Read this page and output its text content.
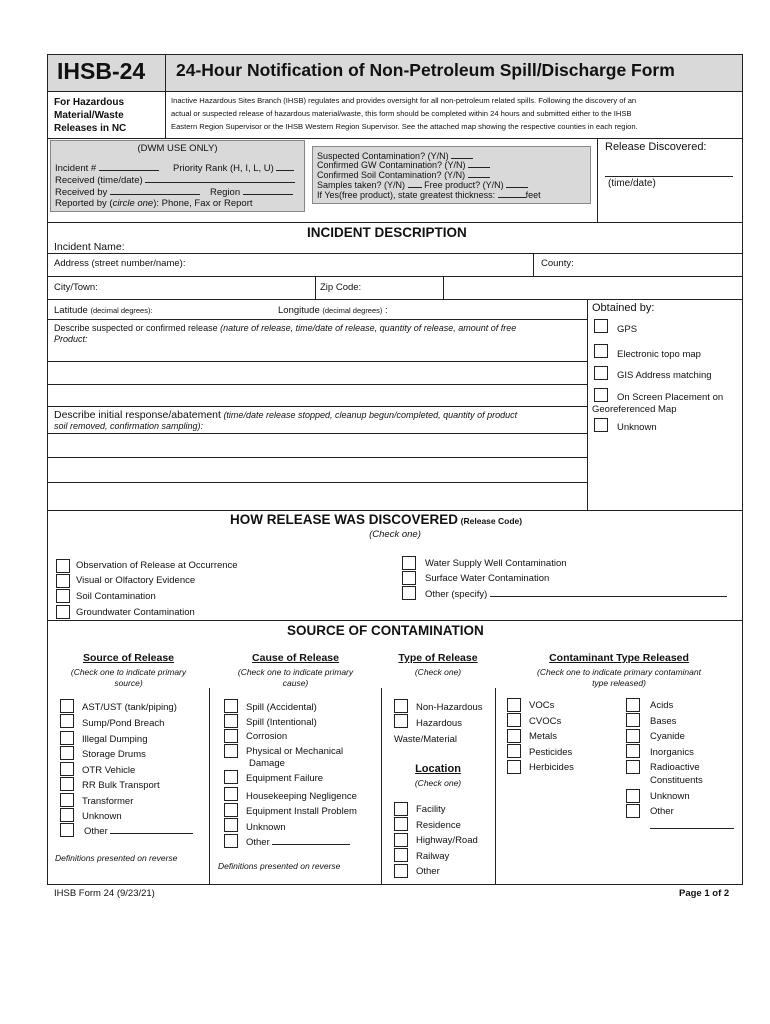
IHSB-24 24-Hour Notification of Non-Petroleum Spill/Discharge Form
For Hazardous
Material/Waste
Releases in NC
Inactive Hazardous Sites Branch (IHSB) regulates and provides oversight for all non-petroleum related spills. Following the discovery of an
actual or suspected release of hazardous material/waste, this form should be completed within 24 hours and submitted either to the IHSB
Eastern Region Supervisor or the IHSB Western Region Supervisor. See the attached map showing the respective counties in each region.
(DWM USE ONLY)
Incident #	Priority Rank (H, I, L, U)
Received (time/date)
Received by	Region
Reported by (circle one): Phone, Fax or Report
Suspected Contamination? (Y/N)
Confirmed GW Contamination? (Y/N)
Confirmed Soil Contamination? (Y/N)
Samples taken? (Y/N) Free product? (Y/N)
If Yes(free product), state greatest thickness:	feet
Release Discovered:
(time/date)
INCIDENT DESCRIPTION
Incident Name:
Address (street number/name):	County:
City/Town:	Zip Code:
Latitude (decimal degrees):	Longitude (decimal degrees) :
Describe suspected or confirmed release (nature of release, time/date of release, quantity of release, amount of free
Product:
Describe initial response/abatement (time/date release stopped, cleanup begun/completed, quantity of product
soil removed, confirmation sampling):
Obtained by:
GPS
Electronic topo map
GIS Address matching
On Screen Placement on
Georeferenced Map
Unknown
HOW RELEASE WAS DISCOVERED (Release Code)
(Check one)
Observation of Release at Occurrence
Visual or Olfactory Evidence
Soil Contamination
Groundwater Contamination
Water Supply Well Contamination
Surface Water Contamination
Other (specify)
SOURCE OF CONTAMINATION
Source of Release
(Check one to indicate primary
source)
AST/UST (tank/piping)
Sump/Pond Breach
Illegal Dumping
Storage Drums
OTR Vehicle
RR Bulk Transport
Transformer
Unknown
Other
Definitions presented on reverse
Cause of Release
(Check one to indicate primary
cause)
Spill (Accidental)
Spill (Intentional)
Corrosion
Physical or Mechanical
Damage
Equipment Failure
Housekeeping Negligence
Equipment Install Problem
Unknown
Other
Definitions presented on reverse
Type of Release
(Check one)
Non-Hazardous
Hazardous
Waste/Material
Location
(Check one)
Facility
Residence
Highway/Road
Railway
Other
Contaminant Type Released
(Check one to indicate primary contaminant
type released)
VOCs
CVOCs
Metals
Pesticides
Herbicides
Acids
Bases
Cyanide
Inorganics
Radioactive
Constituents
Unknown
Other
IHSB Form 24 (9/23/21)	Page 1 of 2
